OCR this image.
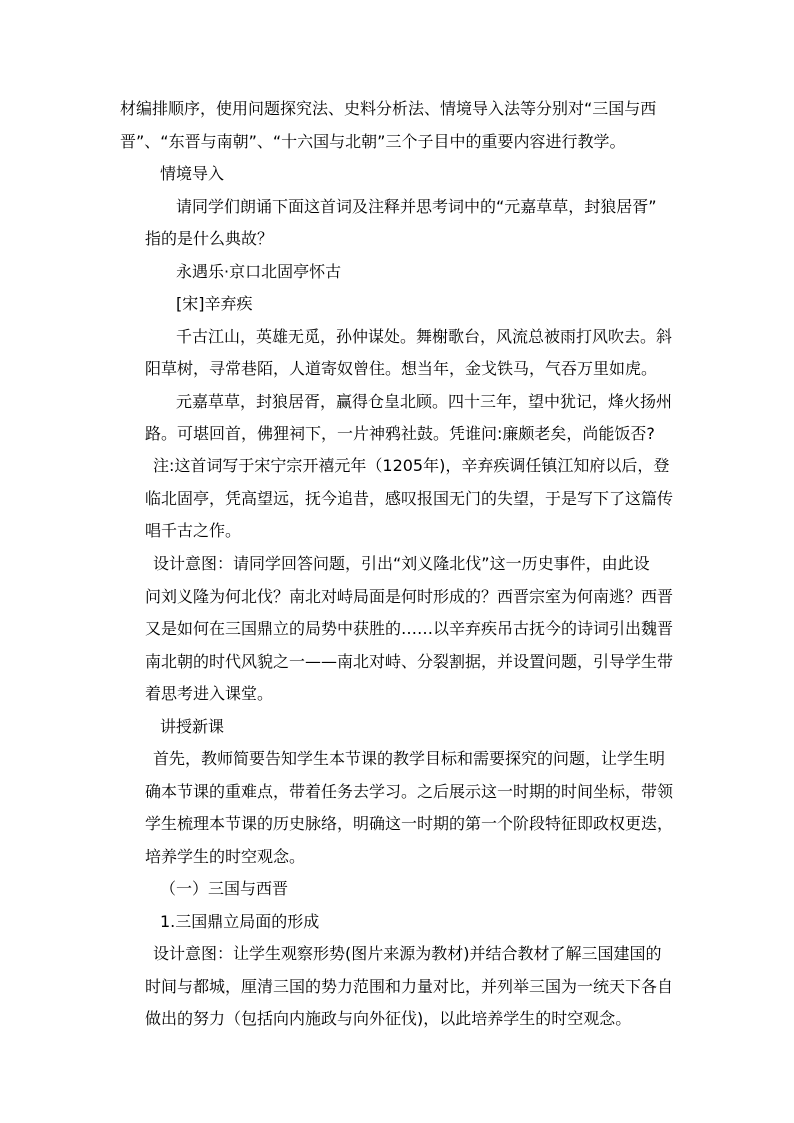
材编排顺序，使用问题探究法、史料分析法、情境导入法等分别对“三国与西
晋”、“东晋与南朝”、“十六国与北朝”三个子目中的重要内容进行教学。
情境导入
请同学们朗诵下面这首词及注释并思考词中的“元嘉草草，封狼居胥”
指的是什么典故？
永遇乐·京口北固亭怀古
[宋]辛弃疾
千古江山，英雄无觅，孙仲谋处。舞榭歌台，风流总被雨打风吹去。斜
阳草树，寻常巷陌，人道寄奴曾住。想当年，金戈铁马，气吞万里如虎。
元嘉草草，封狼居胥，赢得仓皇北顾。四十三年，望中犹记，烽火扬州
路。可堪回首，佛狸祠下，一片神鸦社鼓。凭谁问:廉颇老矣，尚能饭否?
注:这首词写于宋宁宗开禧元年（1205年)，辛弃疾调任镇江知府以后，登
临北固亭，凭高望远，抚今追昔，感叹报国无门的失望，于是写下了这篇传
唱千古之作。
设计意图：请同学回答问题，引出“刘义隆北伐”这一历史事件，由此设
问刘义隆为何北伐？南北对峙局面是何时形成的？西晋宗室为何南逃？西晋
又是如何在三国鼎立的局势中获胜的……以辛弃疾吊古抚今的诗词引出魏晋
南北朝的时代风貌之一——南北对峙、分裂割据，并设置问题，引导学生带
着思考进入课堂。
讲授新课
首先，教师简要告知学生本节课的教学目标和需要探究的问题，让学生明
确本节课的重难点，带着任务去学习。之后展示这一时期的时间坐标，带领
学生梳理本节课的历史脉络，明确这一时期的第一个阶段特征即政权更迭，
培养学生的时空观念。
（一）三国与西晋
1.三国鼎立局面的形成
设计意图：让学生观察形势(图片来源为教材)并结合教材了解三国建国的
时间与都城，厘清三国的势力范围和力量对比，并列举三国为一统天下各自
做出的努力（包括向内施政与向外征伐)，以此培养学生的时空观念。
